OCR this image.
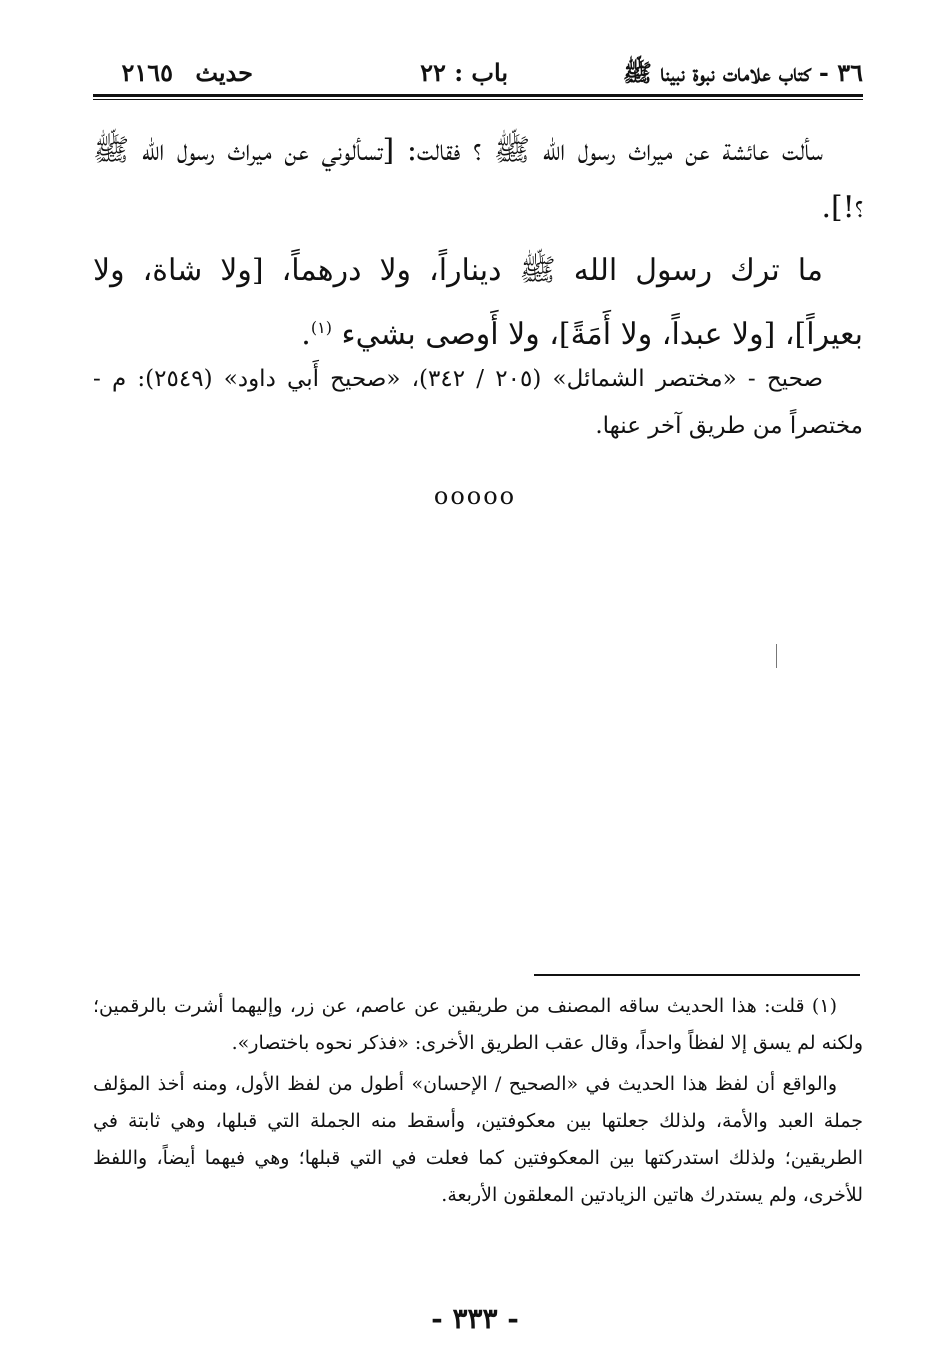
٣٦ - كتاب علامات نبوة نبينا ﷺ
باب : ٢٢
حديث
٢١٦٥

سألت عائشة عن ميراث رسول الله ﷺ ؟ فقالت: [تسألوني عن ميراث رسول الله ﷺ ؟!].

ما ترك رسول الله ﷺ ديناراً، ولا درهماً، [ولا شاة، ولا بعيراً]، [ولا عبداً، ولا أَمَةً]، ولا أَوصى بشيء $^{(١)}$.

صحيح - «مختصر الشمائل» (٢٠٥ / ٣٤٢)، «صحيح أَبي داود» (٢٥٤٩): م - مختصراً من طريق آخر عنها.
ooooo

(١) قلت: هذا الحديث ساقه المصنف من طريقين عن عاصم، عن زر، وإليهما أشرت بالرقمين؛ ولكنه لم يسق إلا لفظاً واحداً، وقال عقب الطريق الأخرى: «فذكر نحوه باختصار».

والواقع أن لفظ هذا الحديث في «الصحيح / الإحسان» أطول من لفظ الأول، ومنه أخذ المؤلف جملة العبد والأمة، ولذلك جعلتها بين معكوفتين، وأسقط منه الجملة التي قبلها، وهي ثابتة في الطريقين؛ ولذلك استدركتها بين المعكوفتين كما فعلت في التي قبلها؛ وهي فيهما أيضاً، واللفظ للأخرى، ولم يستدرك هاتين الزيادتين المعلقون الأربعة.

- ٣٣٣ -
